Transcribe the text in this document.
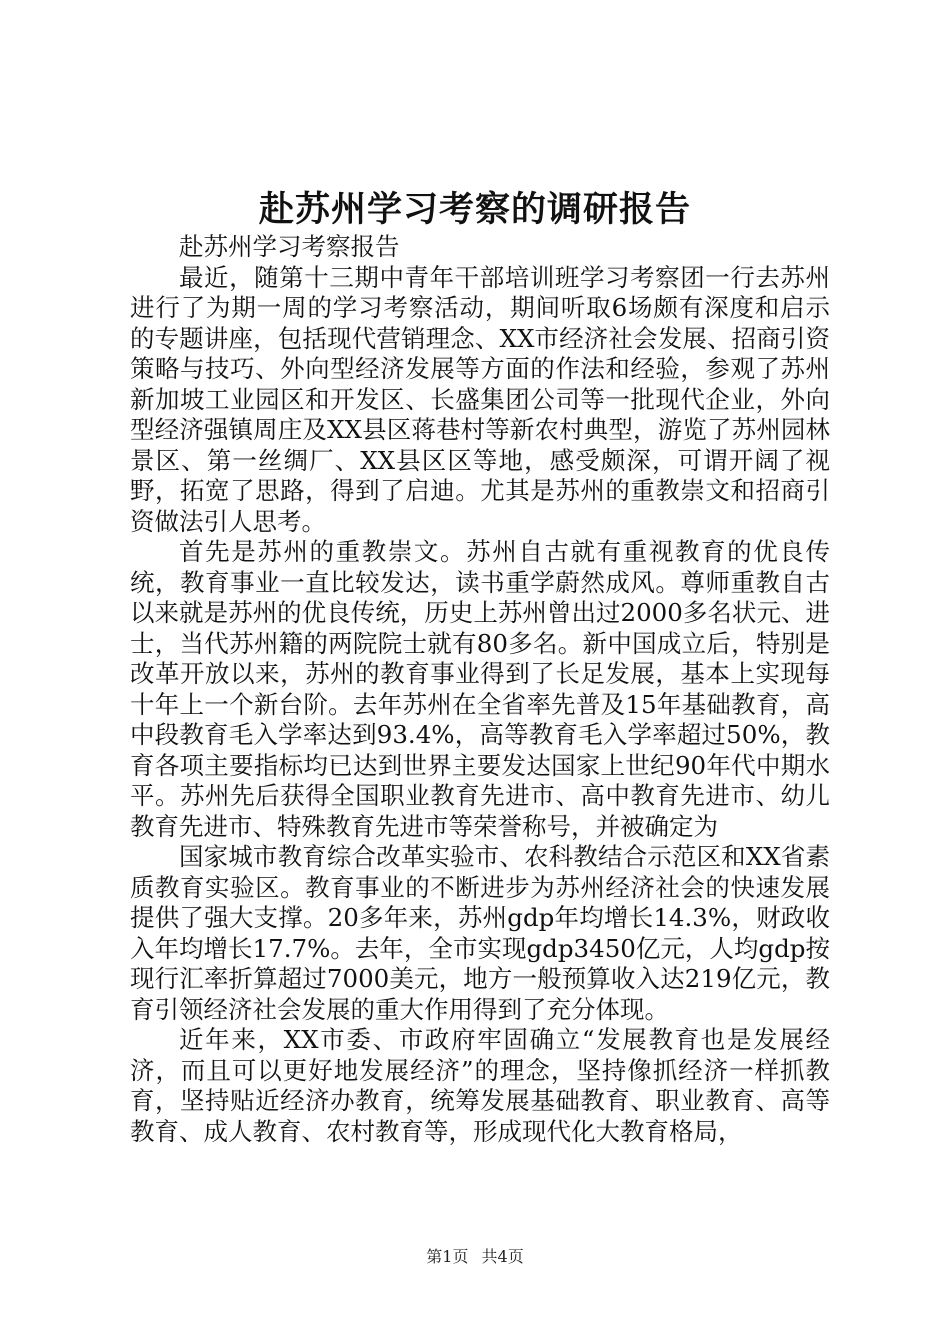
赴苏州学习考察的调研报告

赴苏州学习考察报告

最近，随第十三期中青年干部培训班学习考察团一行去苏州进行了为期一周的学习考察活动，期间听取6场颇有深度和启示的专题讲座，包括现代营销理念、XX市经济社会发展、招商引资策略与技巧、外向型经济发展等方面的作法和经验，参观了苏州新加坡工业园区和开发区、长盛集团公司等一批现代企业，外向型经济强镇周庄及XX县区蒋巷村等新农村典型，游览了苏州园林景区、第一丝绸厂、XX县区区等地，感受颇深，可谓开阔了视野，拓宽了思路，得到了启迪。尤其是苏州的重教崇文和招商引资做法引人思考。

首先是苏州的重教崇文。苏州自古就有重视教育的优良传统，教育事业一直比较发达，读书重学蔚然成风。尊师重教自古以来就是苏州的优良传统，历史上苏州曾出过2000多名状元、进士，当代苏州籍的两院院士就有80多名。新中国成立后，特别是改革开放以来，苏州的教育事业得到了长足发展，基本上实现每十年上一个新台阶。去年苏州在全省率先普及15年基础教育，高中段教育毛入学率达到93.4%，高等教育毛入学率超过50%，教育各项主要指标均已达到世界主要发达国家上世纪90年代中期水平。苏州先后获得全国职业教育先进市、高中教育先进市、幼儿教育先进市、特殊教育先进市等荣誉称号，并被确定为

国家城市教育综合改革实验市、农科教结合示范区和XX省素质教育实验区。教育事业的不断进步为苏州经济社会的快速发展提供了强大支撑。20多年来，苏州gdp年均增长14.3%，财政收入年均增长17.7%。去年，全市实现gdp3450亿元，人均gdp按现行汇率折算超过7000美元，地方一般预算收入达219亿元，教育引领经济社会发展的重大作用得到了充分体现。

近年来，XX市委、市政府牢固确立“发展教育也是发展经济，而且可以更好地发展经济”的理念，坚持像抓经济一样抓教育，坚持贴近经济办教育，统筹发展基础教育、职业教育、高等教育、成人教育、农村教育等，形成现代化大教育格局，

第1页 共4页
